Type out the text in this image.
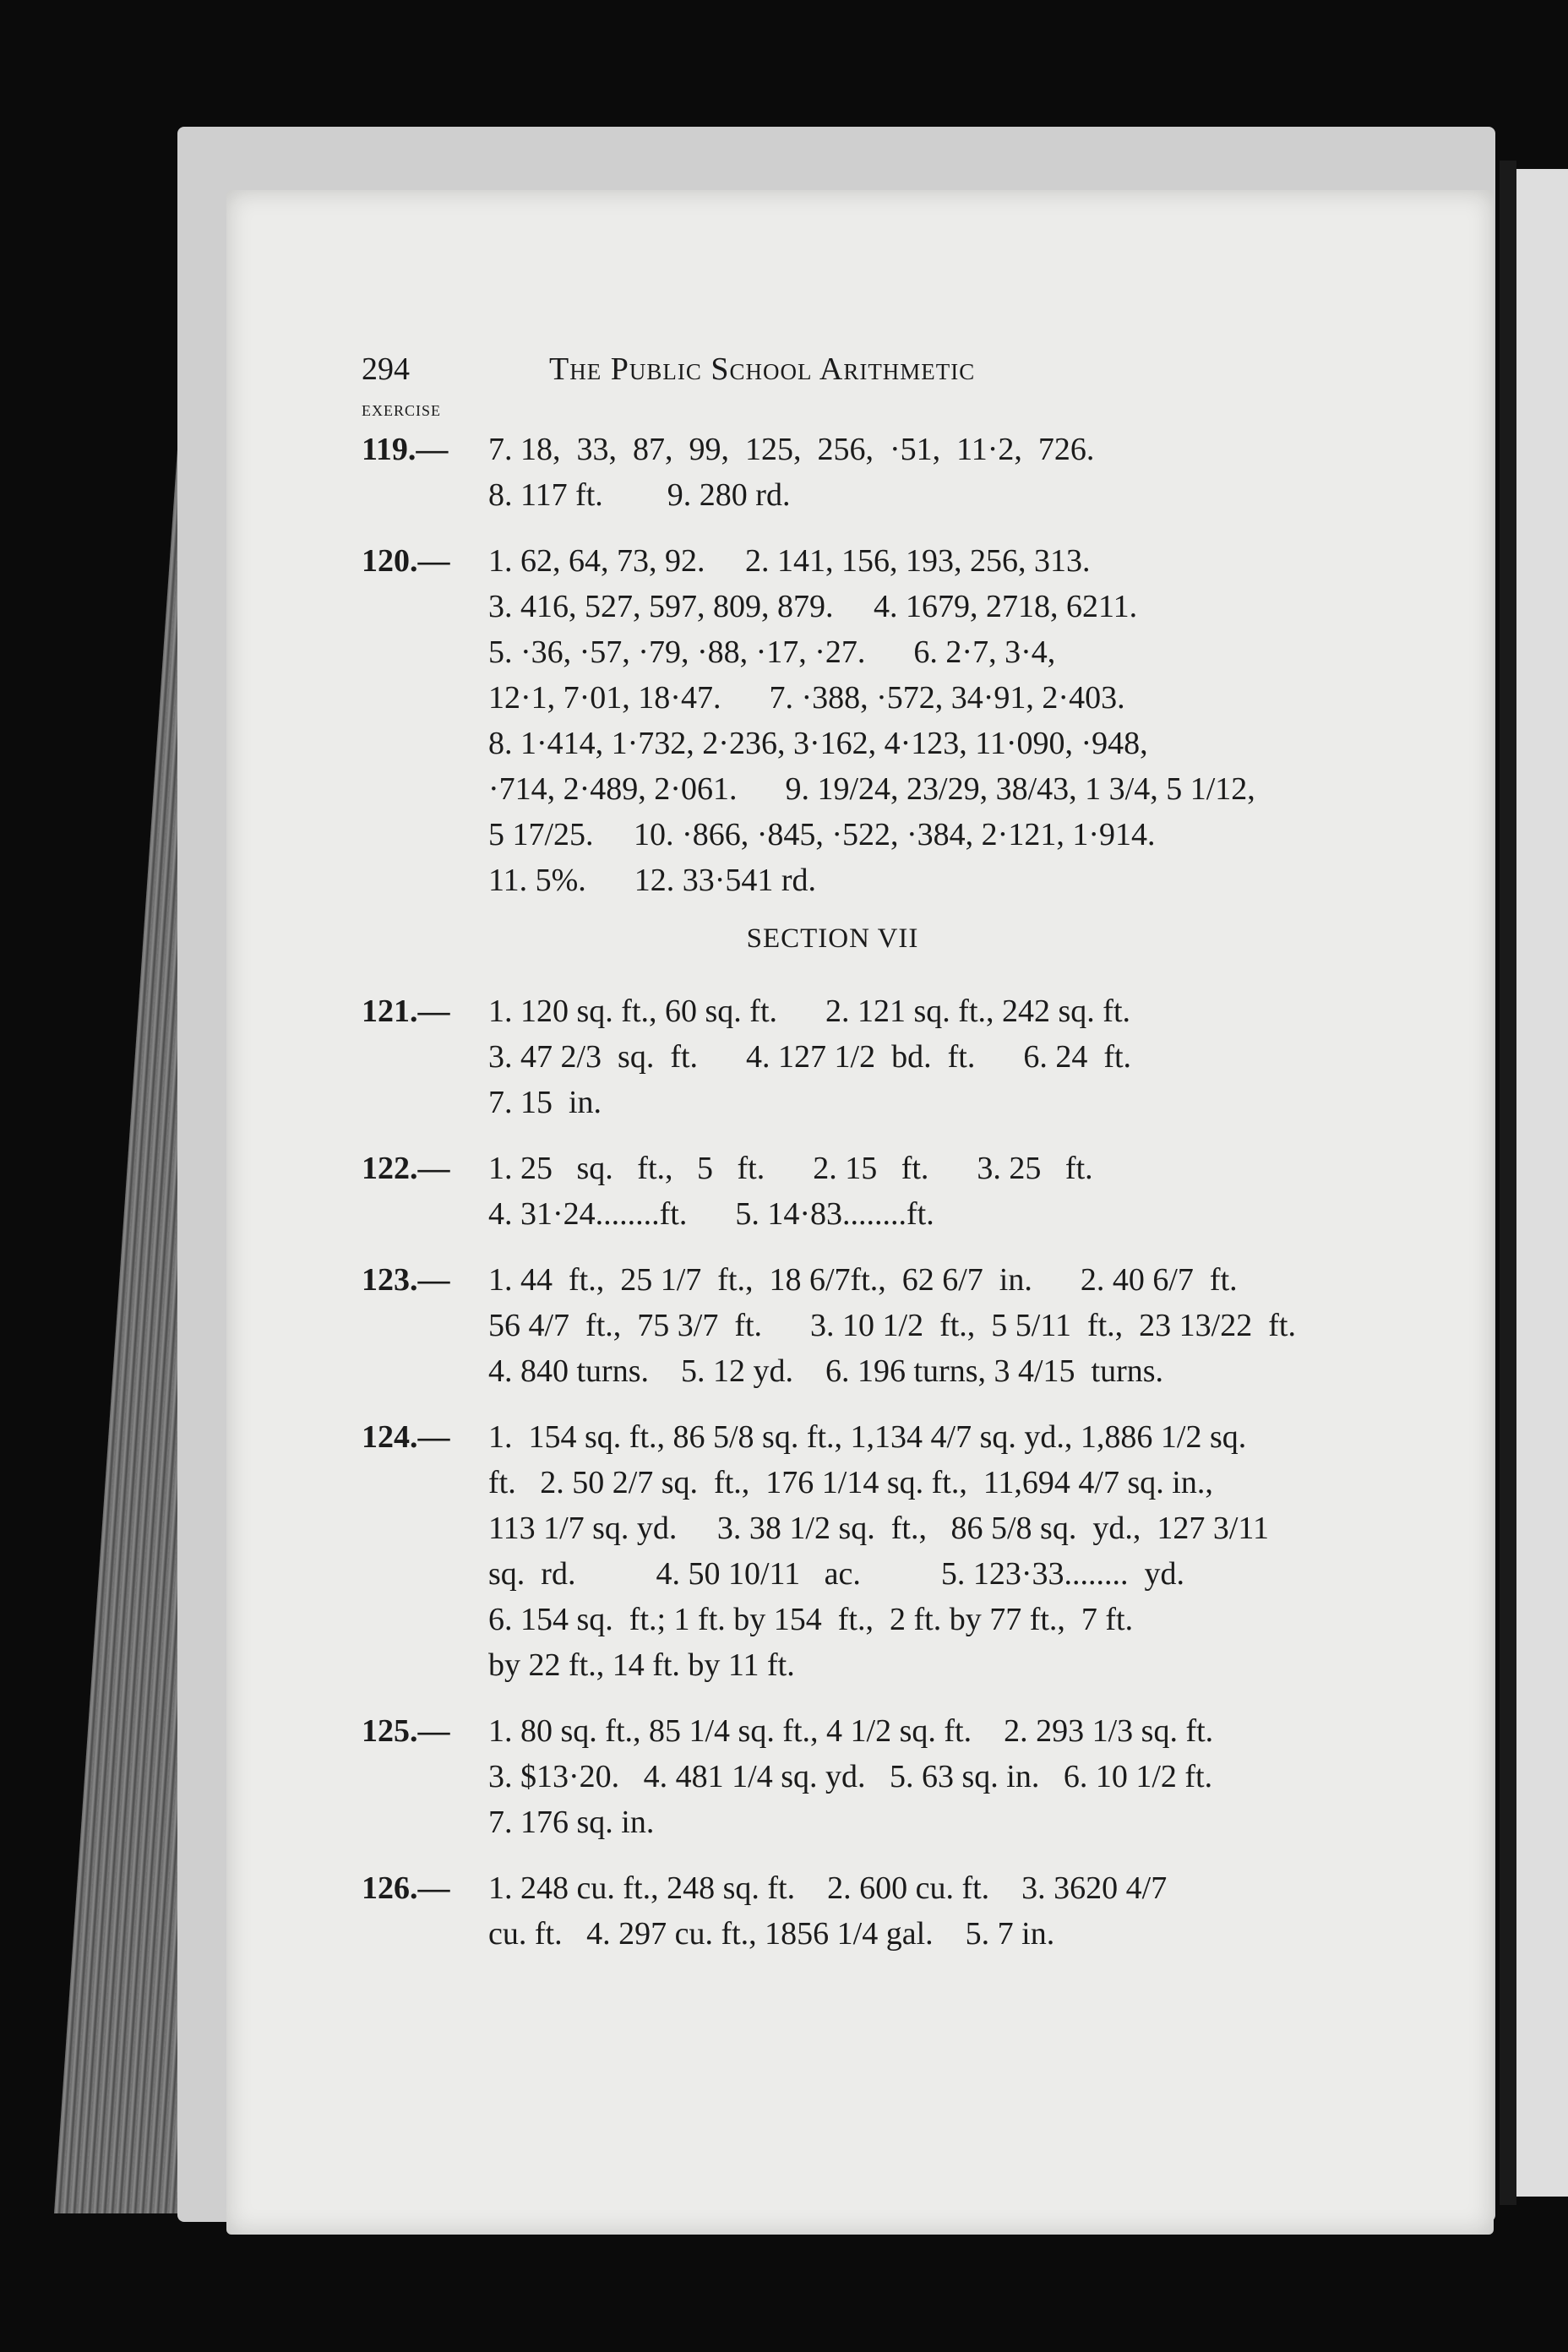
294	The Public School Arithmetic
exercise
119.— 7. 18,  33,  87,  99,  125,  256,  ·51,  11·2,  726.
8. 117 ft.        9. 280 rd.
120.— 1. 62, 64, 73, 92.     2. 141, 156, 193, 256, 313.
3. 416, 527, 597, 809, 879.     4. 1679, 2718, 6211.
5. ·36, ·57, ·79, ·88, ·17, ·27.      6. 2·7, 3·4,
12·1, 7·01, 18·47.      7. ·388, ·572, 34·91, 2·403.
8. 1·414, 1·732, 2·236, 3·162, 4·123, 11·090, ·948,
·714, 2·489, 2·061.      9. 19/24, 23/29, 38/43, 1 3/4, 5 1/12,
5 17/25.     10. ·866, ·845, ·522, ·384, 2·121, 1·914.
11. 5%.      12. 33·541 rd.
SECTION VII
121.— 1. 120 sq. ft., 60 sq. ft.      2. 121 sq. ft., 242 sq. ft.
3. 47 2/3  sq.  ft.      4. 127 1/2  bd.  ft.      6. 24  ft.
7. 15  in.
122.— 1. 25   sq.   ft.,   5   ft.      2. 15   ft.      3. 25   ft.
4. 31·24........ft.      5. 14·83........ft.
123.— 1. 44  ft.,  25 1/7  ft.,  18 6/7ft.,  62 6/7  in.      2. 40 6/7  ft.
56 4/7  ft.,  75 3/7  ft.      3. 10 1/2  ft.,  5 5/11  ft.,  23 13/22  ft.
4. 840 turns.    5. 12 yd.    6. 196 turns, 3 4/15  turns.
124.— 1.  154 sq. ft., 86 5/8 sq. ft., 1,134 4/7 sq. yd., 1,886 1/2 sq.
ft.   2. 50 2/7 sq.  ft.,  176 1/14 sq. ft.,  11,694 4/7 sq. in.,
113 1/7 sq. yd.     3. 38 1/2 sq.  ft.,   86 5/8 sq.  yd.,  127 3/11
sq.  rd.          4. 50 10/11   ac.          5. 123·33........  yd.
6. 154 sq.  ft.; 1 ft. by 154  ft.,  2 ft. by 77 ft.,  7 ft.
by 22 ft., 14 ft. by 11 ft.
125.— 1. 80 sq. ft., 85 1/4 sq. ft., 4 1/2 sq. ft.    2. 293 1/3 sq. ft.
3. $13·20.   4. 481 1/4 sq. yd.   5. 63 sq. in.   6. 10 1/2 ft.
7. 176 sq. in.
126.— 1. 248 cu. ft., 248 sq. ft.    2. 600 cu. ft.    3. 3620 4/7
cu. ft.   4. 297 cu. ft., 1856 1/4 gal.    5. 7 in.
